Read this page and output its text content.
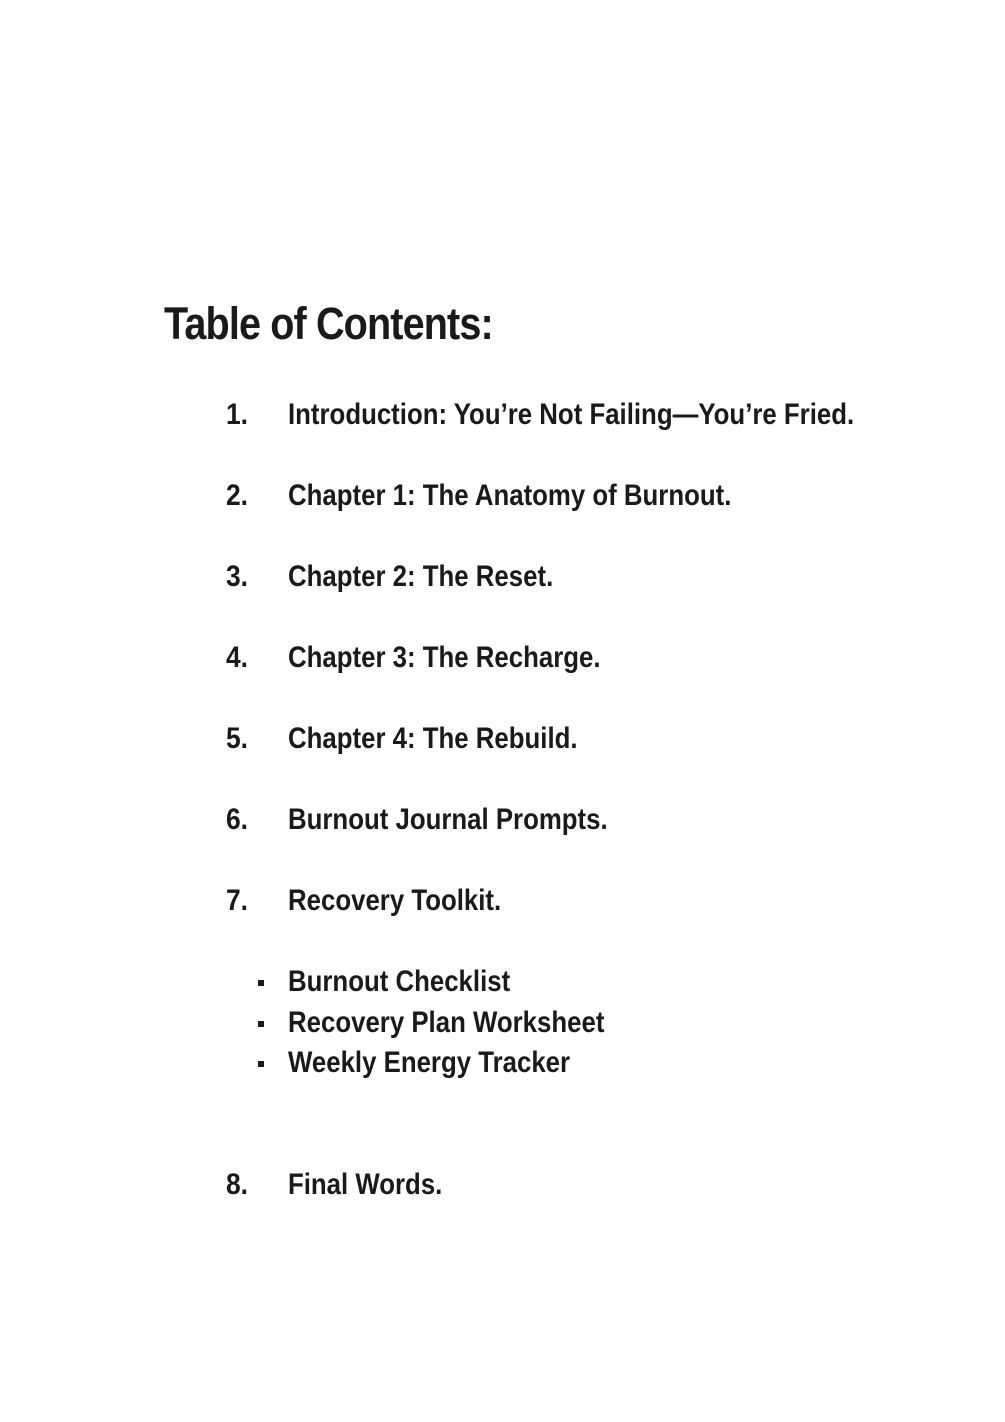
Table of Contents:
1. Introduction: You’re Not Failing—You’re Fried.
2. Chapter 1: The Anatomy of Burnout.
3. Chapter 2: The Reset.
4. Chapter 3: The Recharge.
5. Chapter 4: The Rebuild.
6. Burnout Journal Prompts.
7. Recovery Toolkit.
Burnout Checklist
Recovery Plan Worksheet
Weekly Energy Tracker
8. Final Words.
